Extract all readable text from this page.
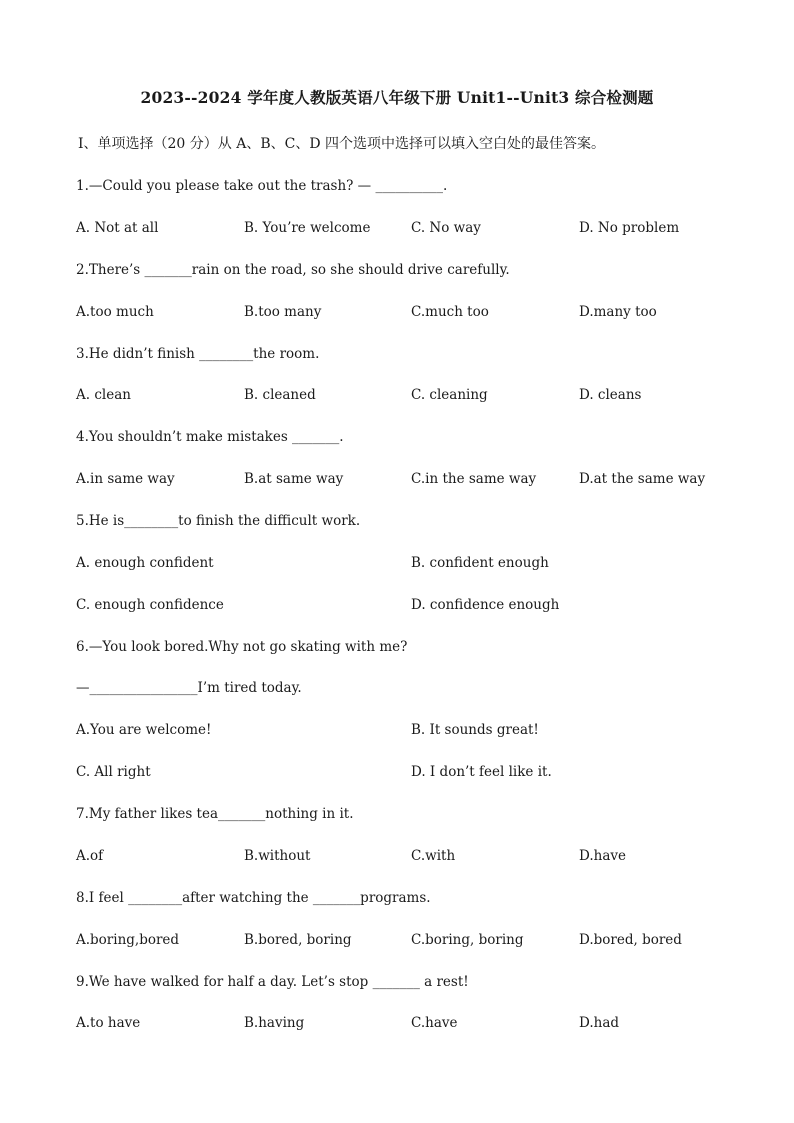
2023--2024 学年度人教版英语八年级下册 Unit1--Unit3 综合检测题
Ⅰ、单项选择（20 分）从 A、B、C、D 四个选项中选择可以填入空白处的最佳答案。
1.—Could you please take out the trash? — __________.
A. Not at all	B. You’re welcome	C. No way	D. No problem
2.There’s _______rain on the road, so she should drive carefully.
A.too much	B.too many	C.much too	D.many too
3.He didn’t finish ________the room.
A. clean	B. cleaned	C. cleaning	D. cleans
4.You shouldn’t make mistakes _______.
A.in same way	B.at same way	C.in the same way	D.at the same way
5.He is________to finish the difficult work.
A. enough confident	B. confident enough
C. enough confidence	D. confidence enough
6.—You look bored.Why not go skating with me?
—________________I’m tired today.
A.You are welcome!	B. It sounds great!
C. All right	D. I don’t feel like it.
7.My father likes tea_______nothing in it.
A.of	B.without	C.with	D.have
8.I feel ________after watching the _______programs.
A.boring,bored	B.bored, boring	C.boring, boring	D.bored, bored
9.We have walked for half a day. Let’s stop _______ a rest!
A.to have	B.having	C.have	D.had
